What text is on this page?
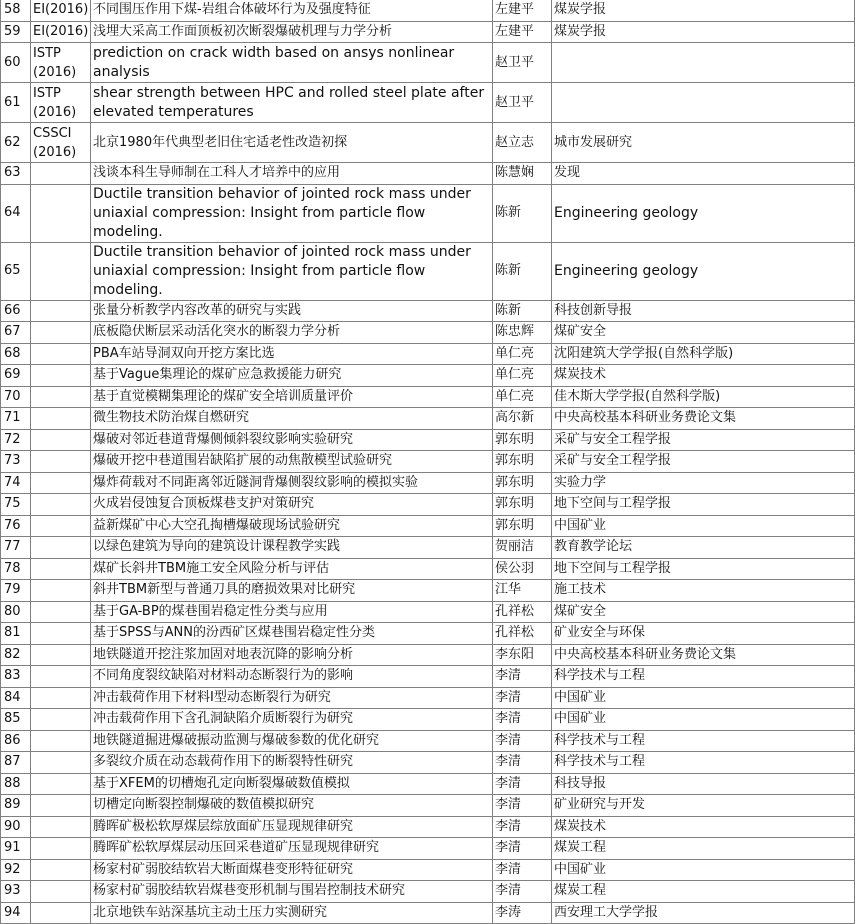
58	EI(2016)	不同围压作用下煤-岩组合体破坏行为及强度特征	左建平	煤炭学报
59	EI(2016)	浅埋大采高工作面顶板初次断裂爆破机理与力学分析	左建平	煤炭学报
60	ISTP (2016)	prediction on crack width based on ansys nonlinear analysis	赵卫平	
61	ISTP (2016)	shear strength between HPC and rolled steel plate after elevated temperatures	赵卫平	
62	CSSCI (2016)	北京1980年代典型老旧住宅适老性改造初探	赵立志	城市发展研究
63		浅谈本科生导师制在工科人才培养中的应用	陈慧娴	发现
64		Ductile transition behavior of jointed rock mass under uniaxial compression: Insight from particle flow modeling.	陈新	Engineering geology
65		Ductile transition behavior of jointed rock mass under uniaxial compression: Insight from particle flow modeling.	陈新	Engineering geology
66		张量分析教学内容改革的研究与实践	陈新	科技创新导报
67		底板隐伏断层采动活化突水的断裂力学分析	陈忠辉	煤矿安全
68		PBA车站导洞双向开挖方案比选	单仁亮	沈阳建筑大学学报(自然科学版)
69		基于Vague集理论的煤矿应急救援能力研究	单仁亮	煤炭技术
70		基于直觉模糊集理论的煤矿安全培训质量评价	单仁亮	佳木斯大学学报(自然科学版)
71		微生物技术防治煤自燃研究	高尔新	中央高校基本科研业务费论文集
72		爆破对邻近巷道背爆侧倾斜裂纹影响实验研究	郭东明	采矿与安全工程学报
73		爆破开挖中巷道围岩缺陷扩展的动焦散模型试验研究	郭东明	采矿与安全工程学报
74		爆炸荷载对不同距离邻近隧洞背爆侧裂纹影响的模拟实验	郭东明	实验力学
75		火成岩侵蚀复合顶板煤巷支护对策研究	郭东明	地下空间与工程学报
76		益新煤矿中心大空孔掏槽爆破现场试验研究	郭东明	中国矿业
77		以绿色建筑为导向的建筑设计课程教学实践	贺丽洁	教育教学论坛
78		煤矿长斜井TBM施工安全风险分析与评估	侯公羽	地下空间与工程学报
79		斜井TBM新型与普通刀具的磨损效果对比研究	江华	施工技术
80		基于GA-BP的煤巷围岩稳定性分类与应用	孔祥松	煤矿安全
81		基于SPSS与ANN的汾西矿区煤巷围岩稳定性分类	孔祥松	矿业安全与环保
82		地铁隧道开挖注浆加固对地表沉降的影响分析	李东阳	中央高校基本科研业务费论文集
83		不同角度裂纹缺陷对材料动态断裂行为的影响	李清	科学技术与工程
84		冲击载荷作用下材料Ⅰ型动态断裂行为研究	李清	中国矿业
85		冲击载荷作用下含孔洞缺陷介质断裂行为研究	李清	中国矿业
86		地铁隧道掘进爆破振动监测与爆破参数的优化研究	李清	科学技术与工程
87		多裂纹介质在动态载荷作用下的断裂特性研究	李清	科学技术与工程
88		基于XFEM的切槽炮孔定向断裂爆破数值模拟	李清	科技导报
89		切槽定向断裂控制爆破的数值模拟研究	李清	矿业研究与开发
90		腾晖矿极松软厚煤层综放面矿压显现规律研究	李清	煤炭技术
91		腾晖矿松软厚煤层动压回采巷道矿压显现规律研究	李清	煤炭工程
92		杨家村矿弱胶结软岩大断面煤巷变形特征研究	李清	中国矿业
93		杨家村矿弱胶结软岩煤巷变形机制与围岩控制技术研究	李清	煤炭工程
94		北京地铁车站深基坑主动土压力实测研究	李涛	西安理工大学学报
